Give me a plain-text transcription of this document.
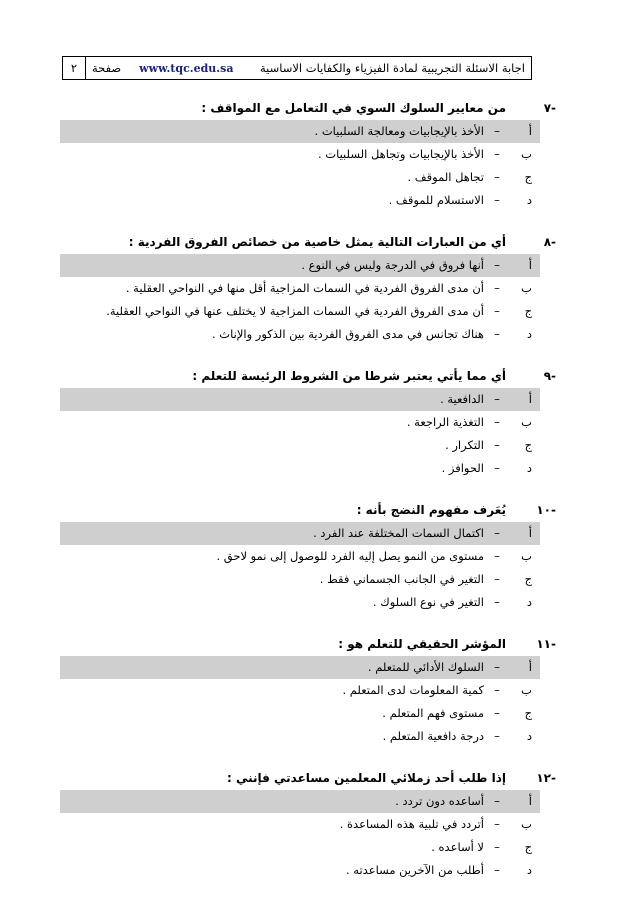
اجابة الاسئلة التجريبية لمادة الفيزياء والكفايات الاساسية
www.tqc.edu.sa
صفحة
٢
-٧
من معايير السلوك السوي في التعامل مع المواقف :
أ
–
الأخذ بالإيجابيات ومعالجة السلبيات .
ب
–
الأخذ بالإيجابيات وتجاهل السلبيات .
ج
–
تجاهل الموقف .
د
–
الاستسلام للموقف .
-٨
أي من العبارات التالية يمثل خاصية من خصائص الفروق الفردية :
أ
–
أنها فروق في الدرجة وليس في النوع .
ب
–
أن مدى الفروق الفردية في السمات المزاجية أقل منها في النواحي العقلية .
ج
–
أن مدى الفروق الفردية في السمات المزاجية لا يختلف عنها في النواحي العقلية.
د
–
هناك تجانس في مدى الفروق الفردية بين الذكور والإناث .
-٩
أي مما يأتي يعتبر شرطا من الشروط الرئيسة للتعلم :
أ
–
الدافعية .
ب
–
التغذية الراجعة .
ج
–
التكرار .
د
–
الحوافز .
-١٠
يُعَرف مفهوم النضج بأنه :
أ
–
اكتمال السمات المختلفة عند الفرد .
ب
–
مستوى من النمو يصل إليه الفرد للوصول إلى نمو لاحق .
ج
–
التغير في الجانب الجسماني فقط .
د
–
التغير في نوع السلوك .
-١١
المؤشر الحقيقي للتعلم هو :
أ
–
السلوك الأدائي للمتعلم .
ب
–
كمية المعلومات لدى المتعلم .
ج
–
مستوى فهم المتعلم .
د
–
درجة دافعية المتعلم .
-١٢
إذا طلب أحد زملائي المعلمين مساعدتي فإنني :
أ
–
أساعده دون تردد .
ب
–
أتردد في تلبية هذه المساعدة .
ج
–
لا أساعده .
د
–
أطلب من الآخرين مساعدته .
